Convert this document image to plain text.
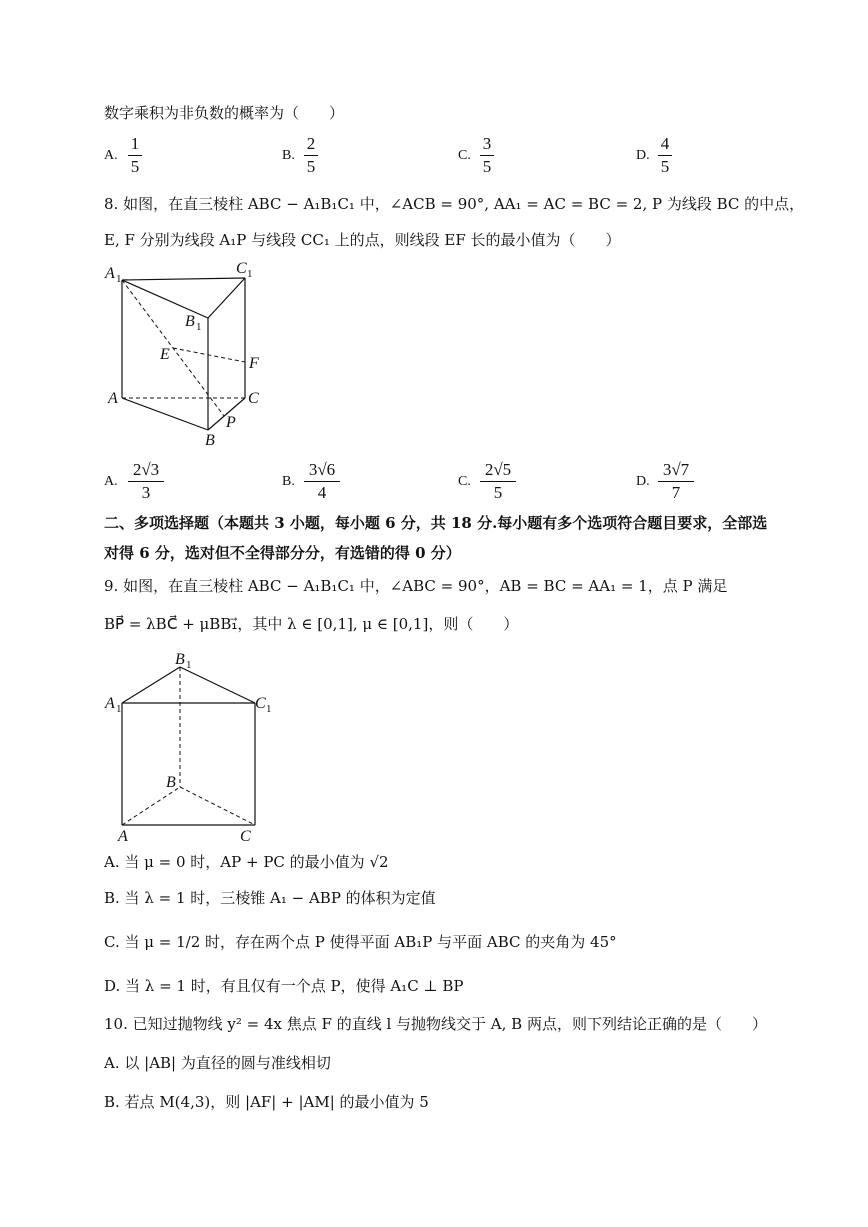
数字乘积为非负数的概率为（　　）
A.
1
5
B.
2
5
C.
3
5
D.
4
5
8. 如图，在直三棱柱 ABC − A₁B₁C₁ 中，∠ACB = 90°, AA₁ = AC = BC = 2, P 为线段 BC 的中点，
E, F 分别为线段 A₁P 与线段 CC₁ 上的点，则线段 EF 长的最小值为（　　）
A 1
C 1
B 1
E
F
A	C
P
B
A.
2√3
3
B.
3√6
4
C.
2√5
5
D.
3√7
7
二、多项选择题（本题共 3 小题，每小题 6 分，共 18 分.每小题有多个选项符合题目要求，全部选
对得 6 分，选对但不全得部分分，有选错的得 0 分）
9. 如图，在直三棱柱 ABC − A₁B₁C₁ 中，∠ABC = 90°，AB = BC = AA₁ = 1，点 P 满足
BP⃗ = λBC⃗ + μBB₁⃗，其中 λ ∈ [0,1], μ ∈ [0,1]，则（　　）
B 1
A 1	C 1
B
A	C
A. 当 μ = 0 时，AP + PC 的最小值为 √2
B. 当 λ = 1 时，三棱锥 A₁ − ABP 的体积为定值
C. 当 μ = 1/2 时，存在两个点 P 使得平面 AB₁P 与平面 ABC 的夹角为 45°
D. 当 λ = 1 时，有且仅有一个点 P，使得 A₁C ⊥ BP
10. 已知过抛物线 y² = 4x 焦点 F 的直线 l 与抛物线交于 A, B 两点，则下列结论正确的是（　　）
A. 以 |AB| 为直径的圆与准线相切
B. 若点 M(4,3)，则 |AF| + |AM| 的最小值为 5
